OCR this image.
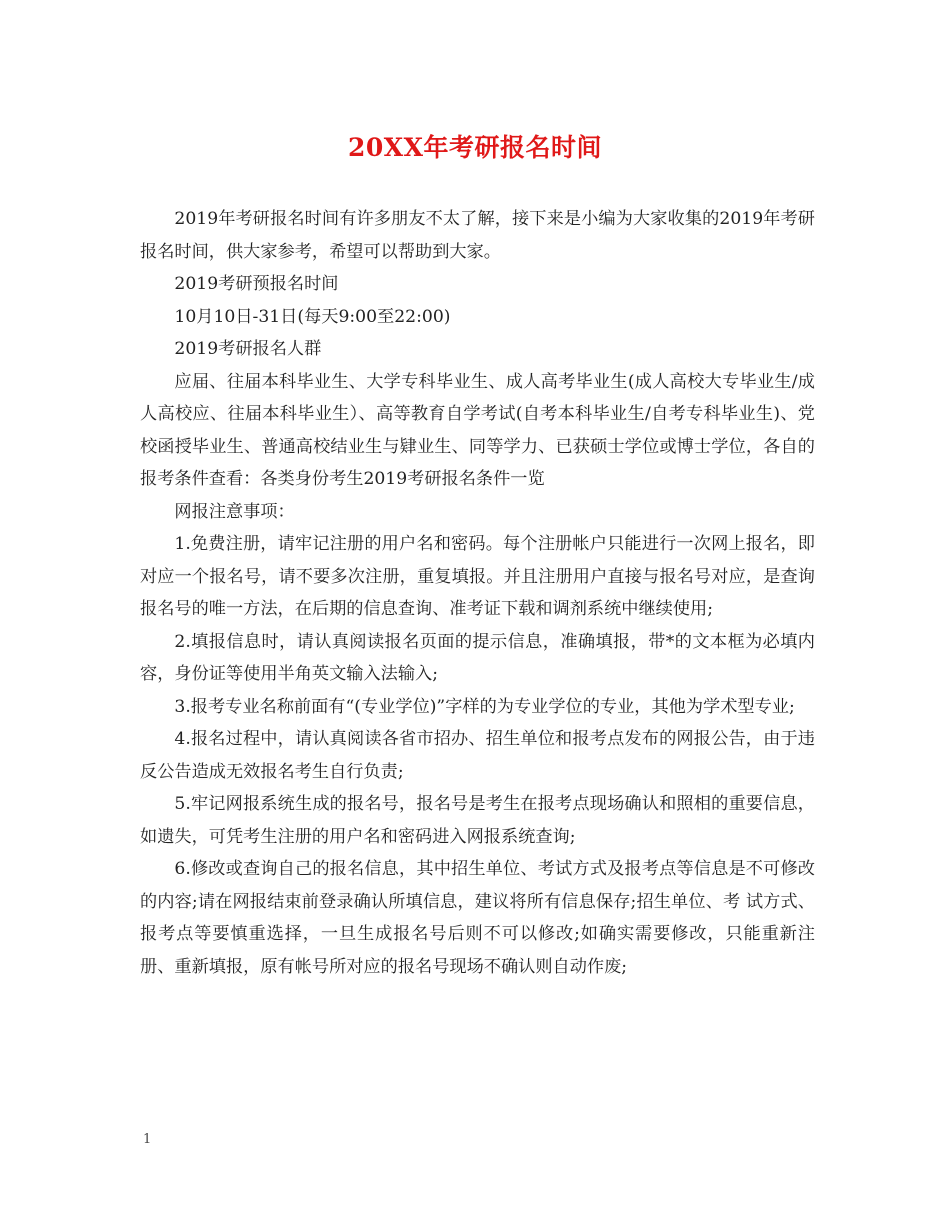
20XX年考研报名时间

2019年考研报名时间有许多朋友不太了解，接下来是小编为大家收集的2019年考研报名时间，供大家参考，希望可以帮助到大家。

2019考研预报名时间

10月10日-31日(每天9:00至22:00)

2019考研报名人群

应届、往届本科毕业生、大学专科毕业生、成人高考毕业生(成人高校大专毕业生/成人高校应、往届本科毕业生）、高等教育自学考试(自考本科毕业生/自考专科毕业生)、党校函授毕业生、普通高校结业生与肄业生、同等学力、已获硕士学位或博士学位，各自的报考条件查看：各类身份考生2019考研报名条件一览

网报注意事项：

1.免费注册，请牢记注册的用户名和密码。每个注册帐户只能进行一次网上报名，即对应一个报名号，请不要多次注册，重复填报。并且注册用户直接与报名号对应，是查询报名号的唯一方法，在后期的信息查询、准考证下载和调剂系统中继续使用;

2.填报信息时，请认真阅读报名页面的提示信息，准确填报，带*的文本框为必填内容，身份证等使用半角英文输入法输入;

3.报考专业名称前面有“(专业学位)”字样的为专业学位的专业，其他为学术型专业;

4.报名过程中，请认真阅读各省市招办、招生单位和报考点发布的网报公告，由于违反公告造成无效报名考生自行负责;

5.牢记网报系统生成的报名号，报名号是考生在报考点现场确认和照相的重要信息，如遗失，可凭考生注册的用户名和密码进入网报系统查询;

6.修改或查询自己的报名信息，其中招生单位、考试方式及报考点等信息是不可修改的内容;请在网报结束前登录确认所填信息，建议将所有信息保存;招生单位、考 试方式、报考点等要慎重选择，一旦生成报名号后则不可以修改;如确实需要修改，只能重新注册、重新填报，原有帐号所对应的报名号现场不确认则自动作废;

1
